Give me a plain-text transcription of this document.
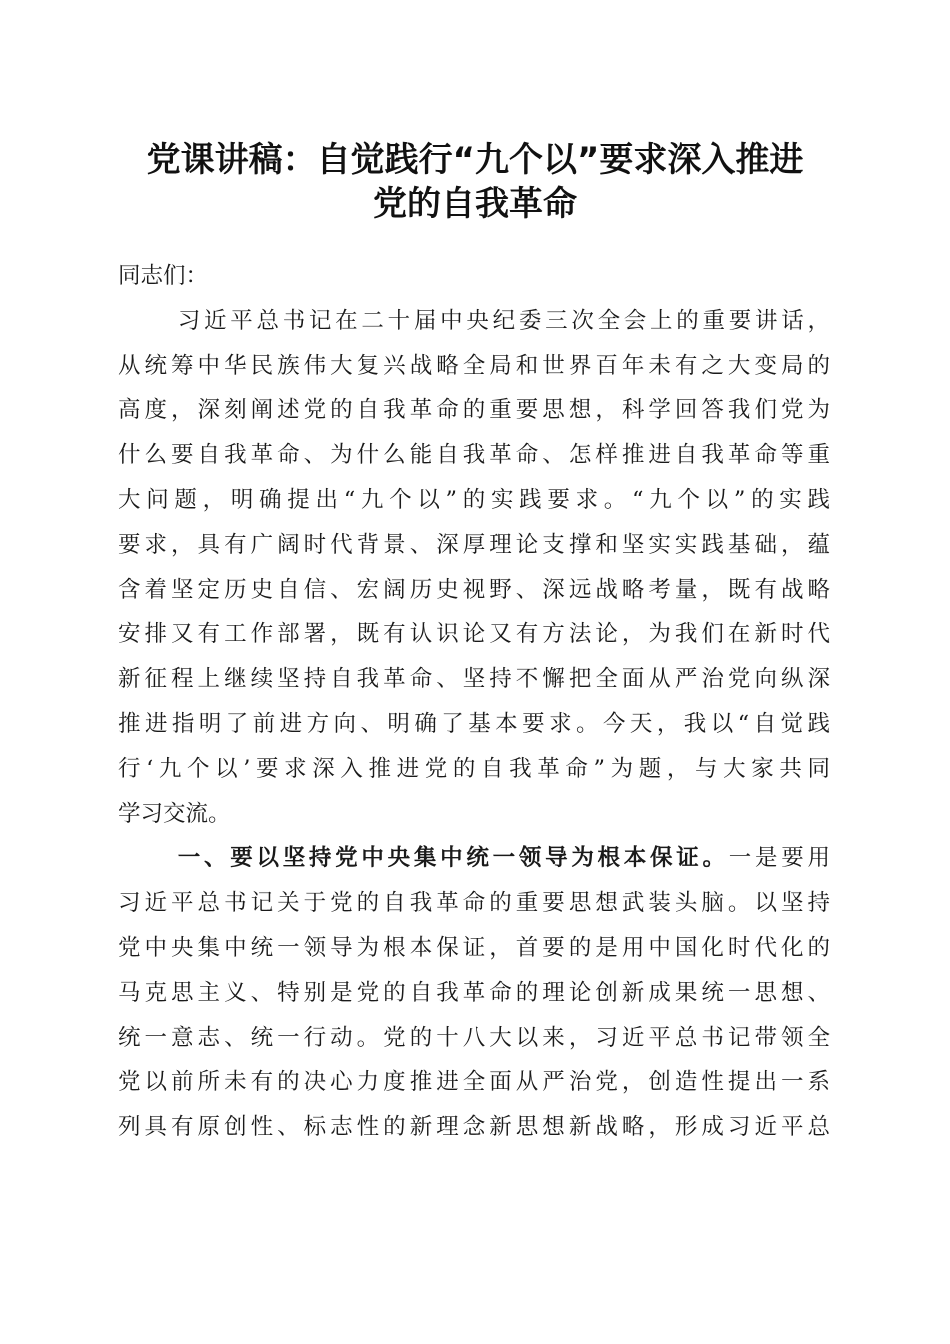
党课讲稿：自觉践行“九个以”要求深入推进
党的自我革命
同志们：
习近平总书记在二十届中央纪委三次全会上的重要讲话，
从统筹中华民族伟大复兴战略全局和世界百年未有之大变局的
高度，深刻阐述党的自我革命的重要思想，科学回答我们党为
什么要自我革命、为什么能自我革命、怎样推进自我革命等重
大问题，明确提出“九个以”的实践要求。“九个以”的实践
要求，具有广阔时代背景、深厚理论支撑和坚实实践基础，蕴
含着坚定历史自信、宏阔历史视野、深远战略考量，既有战略
安排又有工作部署，既有认识论又有方法论，为我们在新时代
新征程上继续坚持自我革命、坚持不懈把全面从严治党向纵深
推进指明了前进方向、明确了基本要求。今天，我以“自觉践
行‘九个以’要求深入推进党的自我革命”为题，与大家共同
学习交流。
一、要以坚持党中央集中统一领导为根本保证。一是要用
习近平总书记关于党的自我革命的重要思想武装头脑。以坚持
党中央集中统一领导为根本保证，首要的是用中国化时代化的
马克思主义、特别是党的自我革命的理论创新成果统一思想、
统一意志、统一行动。党的十八大以来，习近平总书记带领全
党以前所未有的决心力度推进全面从严治党，创造性提出一系
列具有原创性、标志性的新理念新思想新战略，形成习近平总
